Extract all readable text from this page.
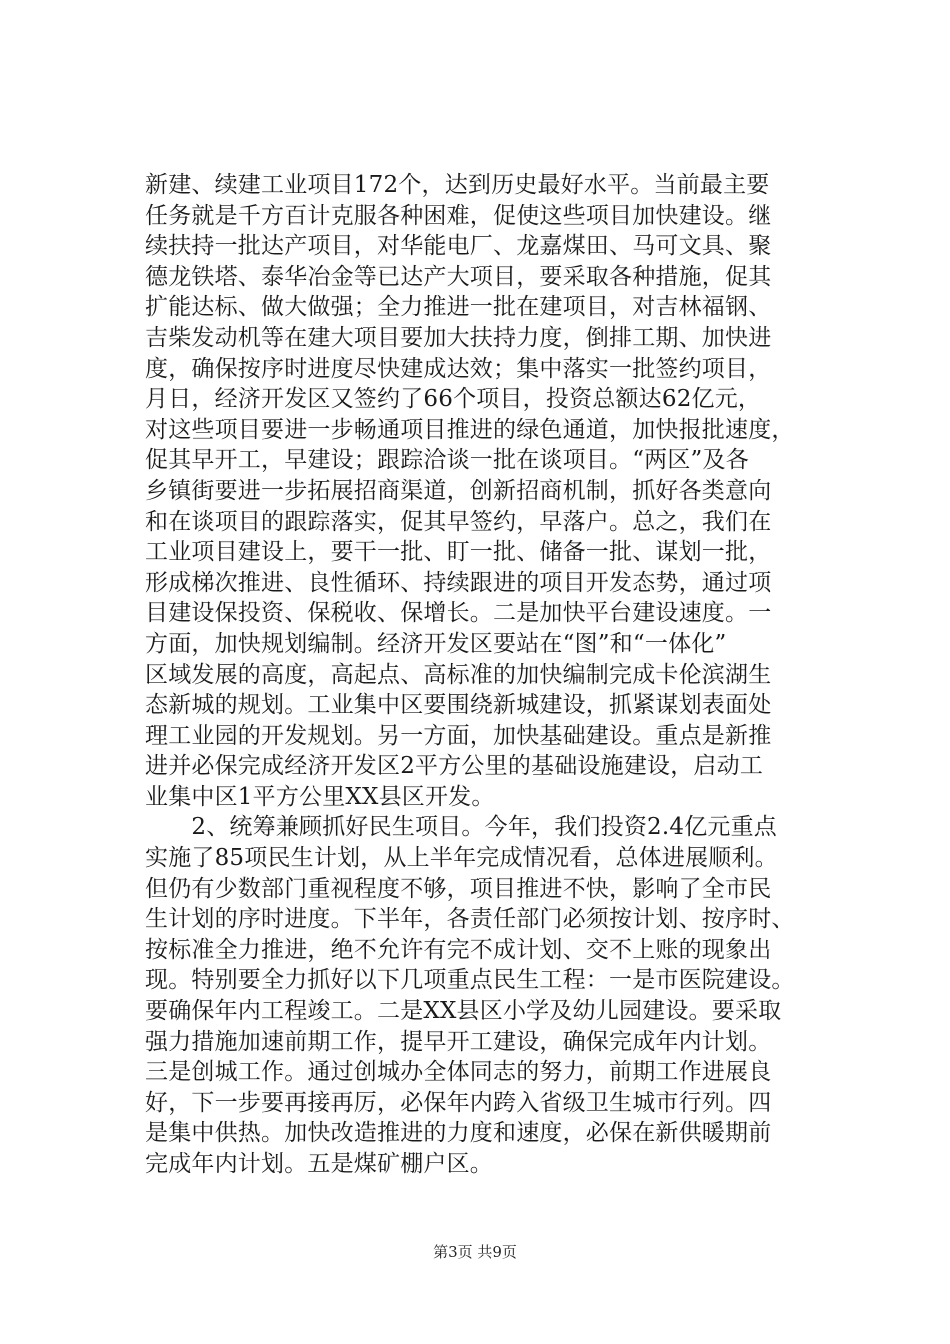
新建、续建工业项目172个，达到历史最好水平。当前最主要
任务就是千方百计克服各种困难，促使这些项目加快建设。继
续扶持一批达产项目，对华能电厂、龙嘉煤田、马可文具、聚
德龙铁塔、泰华冶金等已达产大项目，要采取各种措施，促其
扩能达标、做大做强；全力推进一批在建项目，对吉林福钢、
吉柴发动机等在建大项目要加大扶持力度，倒排工期、加快进
度，确保按序时进度尽快建成达效；集中落实一批签约项目，
月日，经济开发区又签约了66个项目，投资总额达62亿元，
对这些项目要进一步畅通项目推进的绿色通道，加快报批速度，
促其早开工，早建设；跟踪洽谈一批在谈项目。“两区”及各
乡镇街要进一步拓展招商渠道，创新招商机制，抓好各类意向
和在谈项目的跟踪落实，促其早签约，早落户。总之，我们在
工业项目建设上，要干一批、盯一批、储备一批、谋划一批，
形成梯次推进、良性循环、持续跟进的项目开发态势，通过项
目建设保投资、保税收、保增长。二是加快平台建设速度。一
方面，加快规划编制。经济开发区要站在“图”和“一体化”
区域发展的高度，高起点、高标准的加快编制完成卡伦滨湖生
态新城的规划。工业集中区要围绕新城建设，抓紧谋划表面处
理工业园的开发规划。另一方面，加快基础建设。重点是新推
进并必保完成经济开发区2平方公里的基础设施建设，启动工
业集中区1平方公里XX县区开发。
　　2、统筹兼顾抓好民生项目。今年，我们投资2.4亿元重点
实施了85项民生计划，从上半年完成情况看，总体进展顺利。
但仍有少数部门重视程度不够，项目推进不快，影响了全市民
生计划的序时进度。下半年，各责任部门必须按计划、按序时、
按标准全力推进，绝不允许有完不成计划、交不上账的现象出
现。特别要全力抓好以下几项重点民生工程：一是市医院建设。
要确保年内工程竣工。二是XX县区小学及幼儿园建设。要采取
强力措施加速前期工作，提早开工建设，确保完成年内计划。
三是创城工作。通过创城办全体同志的努力，前期工作进展良
好，下一步要再接再厉，必保年内跨入省级卫生城市行列。四
是集中供热。加快改造推进的力度和速度，必保在新供暖期前
完成年内计划。五是煤矿棚户区。
第3页 共9页
